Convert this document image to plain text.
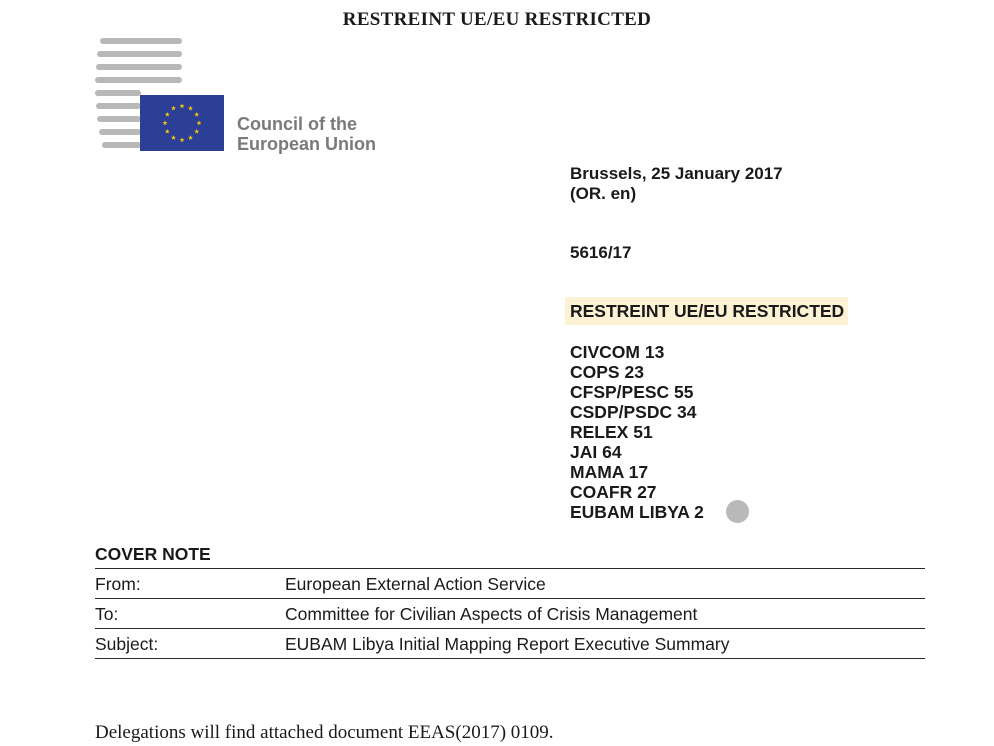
RESTREINT UE/EU RESTRICTED
Council of the
European Union
Brussels, 25 January 2017
(OR. en)
5616/17
RESTREINT UE/EU RESTRICTED
CIVCOM 13
COPS 23
CFSP/PESC 55
CSDP/PSDC 34
RELEX 51
JAI 64
MAMA 17
COAFR 27
EUBAM LIBYA 2
COVER NOTE
From:	European External Action Service
To:	Committee for Civilian Aspects of Crisis Management
Subject:	EUBAM Libya Initial Mapping Report Executive Summary
Delegations will find attached document EEAS(2017) 0109.
